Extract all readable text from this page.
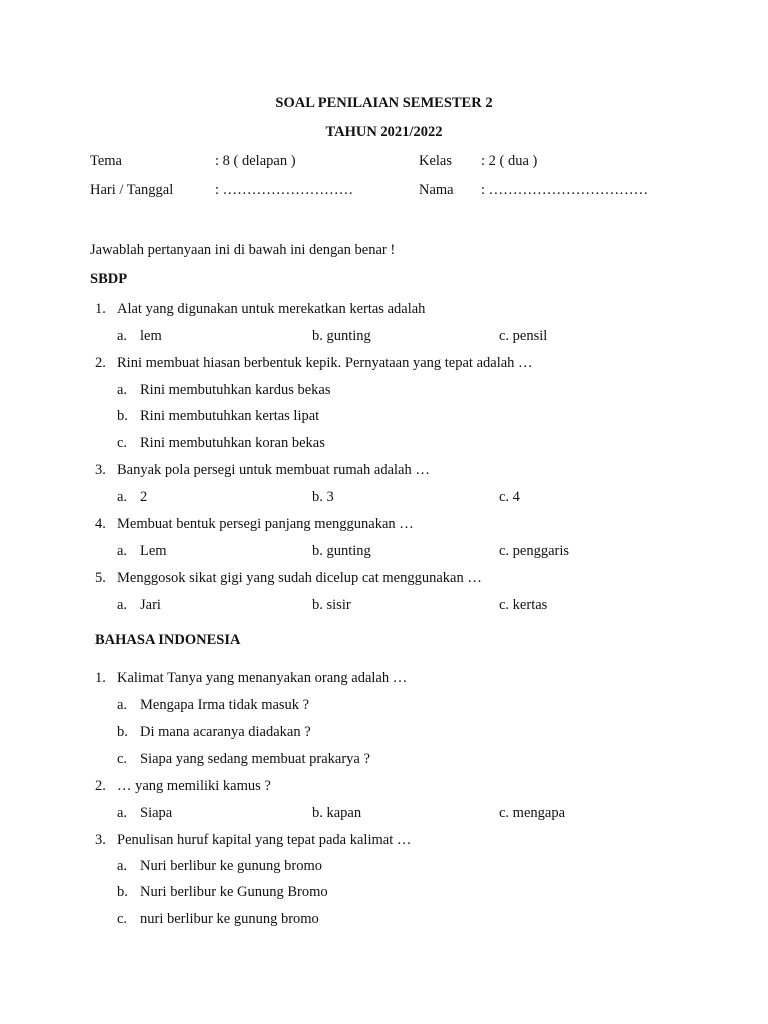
SOAL PENILAIAN SEMESTER 2
TAHUN 2021/2022
Tema	: 8 ( delapan )	Kelas : 2 ( dua )
Hari / Tanggal	: ………………………	Nama : ……………………………
Jawablah pertanyaan ini di bawah ini dengan benar !
SBDP
1. Alat yang digunakan untuk merekatkan kertas adalah
a. lem	b. gunting	c. pensil
2. Rini membuat hiasan berbentuk kepik. Pernyataan yang tepat adalah …
a. Rini membutuhkan kardus bekas
b. Rini membutuhkan kertas lipat
c. Rini membutuhkan koran bekas
3. Banyak pola persegi untuk membuat rumah adalah …
a. 2	b. 3	c. 4
4. Membuat bentuk persegi panjang menggunakan …
a. Lem	b. gunting	c. penggaris
5. Menggosok sikat gigi yang sudah dicelup cat menggunakan …
a. Jari	b. sisir	c. kertas
BAHASA INDONESIA
1. Kalimat Tanya yang menanyakan orang adalah …
a. Mengapa Irma tidak masuk ?
b. Di mana acaranya diadakan ?
c. Siapa yang sedang membuat prakarya ?
2. … yang memiliki kamus ?
a. Siapa	b. kapan	c. mengapa
3. Penulisan huruf kapital yang tepat pada kalimat …
a. Nuri berlibur ke gunung bromo
b. Nuri berlibur ke Gunung Bromo
c. nuri berlibur ke gunung bromo
